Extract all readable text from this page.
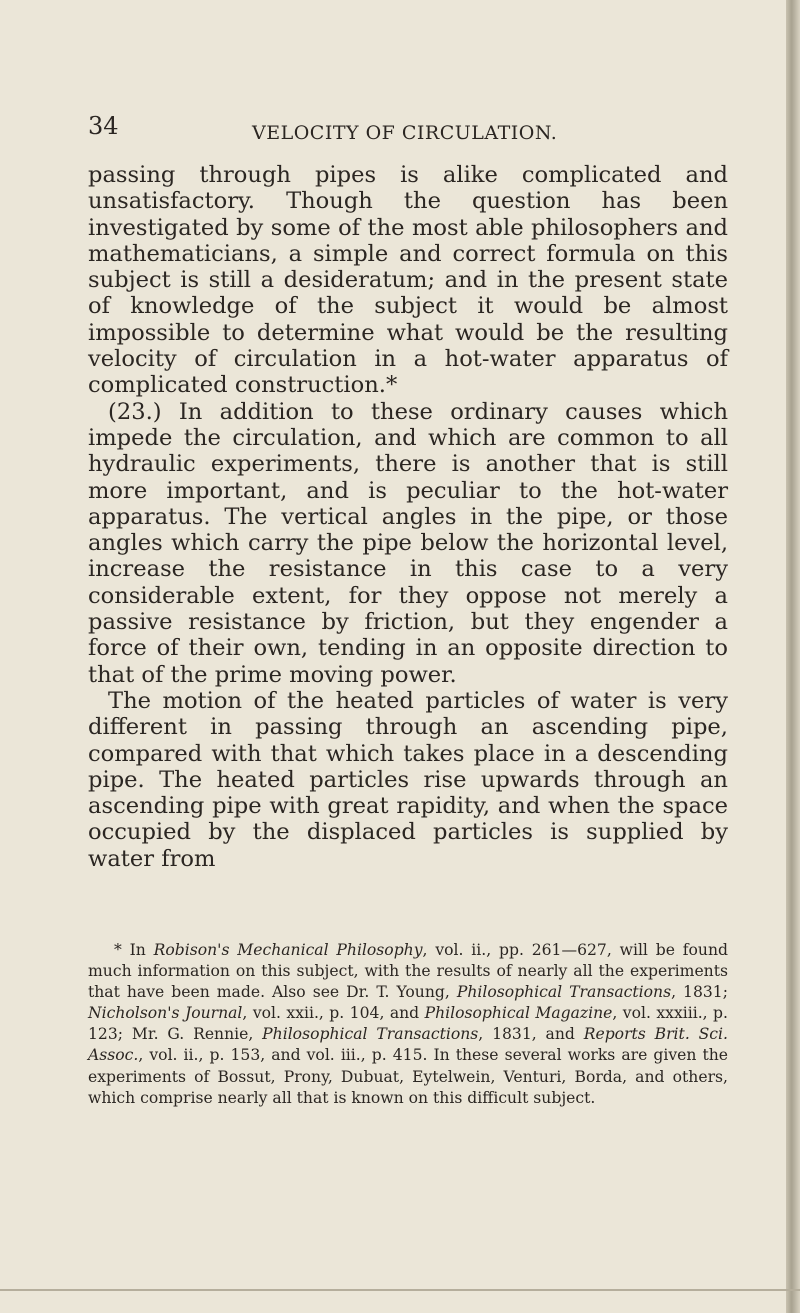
34	VELOCITY OF CIRCULATION.

passing through pipes is alike complicated and unsatisfactory. Though the question has been investigated by some of the most able philosophers and mathematicians, a simple and correct formula on this subject is still a desideratum; and in the present state of knowledge of the subject it would be almost impossible to determine what would be the resulting velocity of circulation in a hot-water apparatus of complicated construction.*

(23.) In addition to these ordinary causes which impede the circulation, and which are common to all hydraulic experiments, there is another that is still more important, and is peculiar to the hot-water apparatus. The vertical angles in the pipe, or those angles which carry the pipe below the horizontal level, increase the resistance in this case to a very considerable extent, for they oppose not merely a passive resistance by friction, but they engender a force of their own, tending in an opposite direction to that of the prime moving power.

The motion of the heated particles of water is very different in passing through an ascending pipe, compared with that which takes place in a descending pipe. The heated particles rise upwards through an ascending pipe with great rapidity, and when the space occupied by the displaced particles is supplied by water from

* In Robison's Mechanical Philosophy, vol. ii., pp. 261—627, will be found much information on this subject, with the results of nearly all the experiments that have been made. Also see Dr. T. Young, Philosophical Transactions, 1831; Nicholson's Journal, vol. xxii., p. 104, and Philosophical Magazine, vol. xxxiii., p. 123; Mr. G. Rennie, Philosophical Transactions, 1831, and Reports Brit. Sci. Assoc., vol. ii., p. 153, and vol. iii., p. 415. In these several works are given the experiments of Bossut, Prony, Dubuat, Eytelwein, Venturi, Borda, and others, which comprise nearly all that is known on this difficult subject.
